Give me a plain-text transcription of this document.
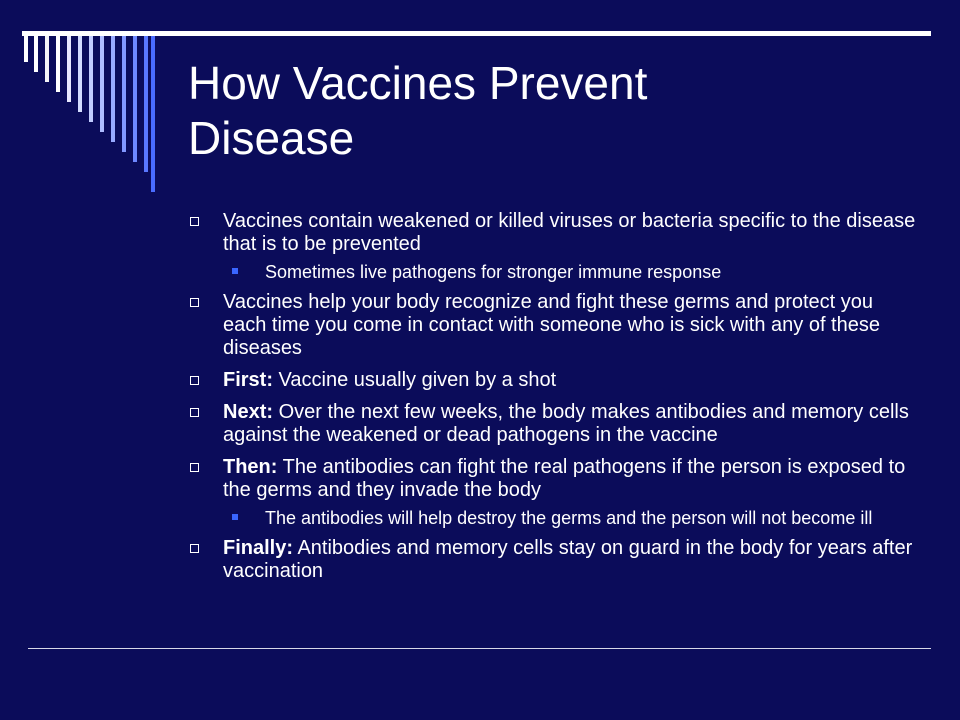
How Vaccines Prevent
Disease
Vaccines contain weakened or killed viruses or bacteria specific to the disease that is to be prevented
Sometimes live pathogens for stronger immune response
Vaccines help your body recognize and fight these germs and protect you each time you come in contact with someone who is sick with any of these diseases
First: Vaccine usually given by a shot
Next: Over the next few weeks, the body makes antibodies and memory cells against the weakened or dead pathogens in the vaccine
Then: The antibodies can fight the real pathogens if the person is exposed to the germs and they invade the body
The antibodies will help destroy the germs and the person will not become ill
Finally: Antibodies and memory cells stay on guard in the body for years after vaccination
